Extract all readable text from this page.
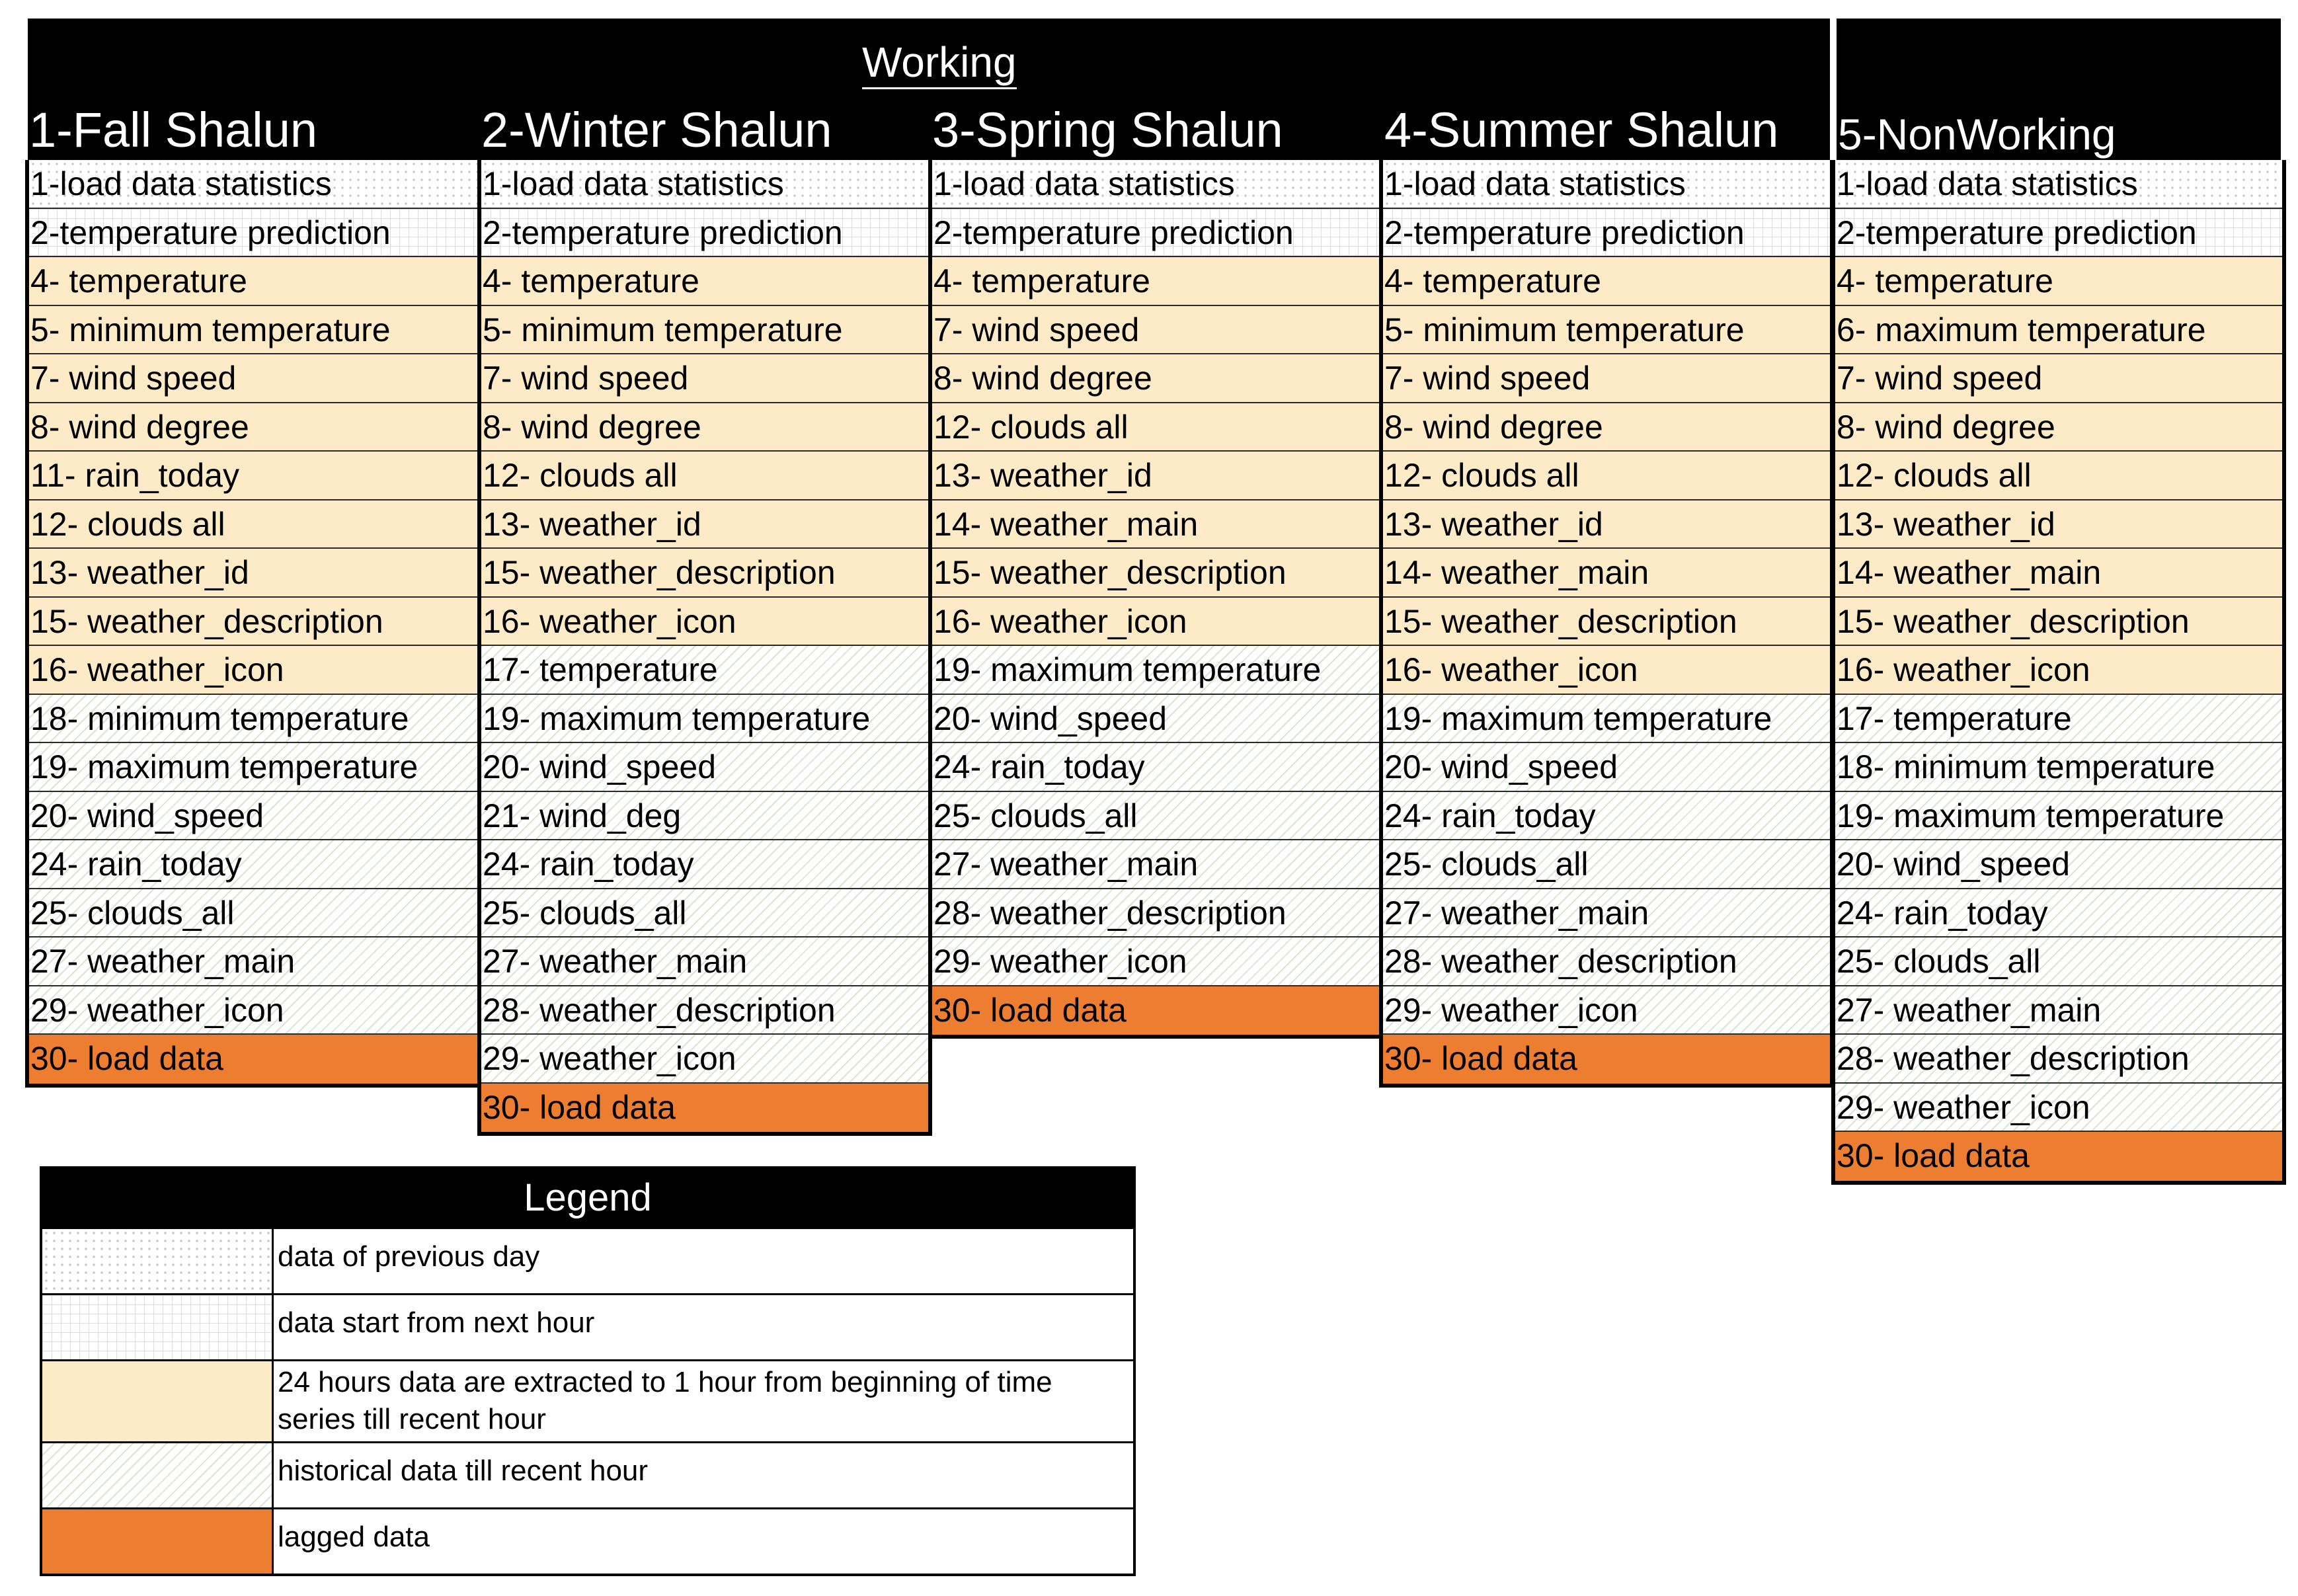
Working
1-Fall Shalun	2-Winter Shalun 3-Spring Shalun 4-Summer Shalun 5-NonWorking
1-load data statistics
2-temperature prediction
4- temperature
5- minimum temperature
7- wind speed
8- wind degree
11- rain_today
12- clouds all
13- weather_id
15- weather_description
16- weather_icon
18- minimum temperature
19- maximum temperature
20- wind_speed
24- rain_today
25- clouds_all
27- weather_main
29- weather_icon
30- load data
1-load data statistics
2-temperature prediction
4- temperature
5- minimum temperature
7- wind speed
8- wind degree
12- clouds all
13- weather_id
15- weather_description
16- weather_icon
17- temperature
19- maximum temperature
20- wind_speed
21- wind_deg
24- rain_today
25- clouds_all
27- weather_main
28- weather_description
29- weather_icon
30- load data
1-load data statistics
2-temperature prediction
4- temperature
7- wind speed
8- wind degree
12- clouds all
13- weather_id
14- weather_main
15- weather_description
16- weather_icon
19- maximum temperature
20- wind_speed
24- rain_today
25- clouds_all
27- weather_main
28- weather_description
29- weather_icon
30- load data
1-load data statistics
2-temperature prediction
4- temperature
5- minimum temperature
7- wind speed
8- wind degree
12- clouds all
13- weather_id
14- weather_main
15- weather_description
16- weather_icon
19- maximum temperature
20- wind_speed
24- rain_today
25- clouds_all
27- weather_main
28- weather_description
29- weather_icon
30- load data
1-load data statistics
2-temperature prediction
4- temperature
6- maximum temperature
7- wind speed
8- wind degree
12- clouds all
13- weather_id
14- weather_main
15- weather_description
16- weather_icon
17- temperature
18- minimum temperature
19- maximum temperature
20- wind_speed
24- rain_today
25- clouds_all
27- weather_main
28- weather_description
29- weather_icon
30- load data
Legend
data of previous day
data start from next hour
24 hours data are extracted to 1 hour from beginning of time series till recent hour
historical data till recent hour
lagged data
